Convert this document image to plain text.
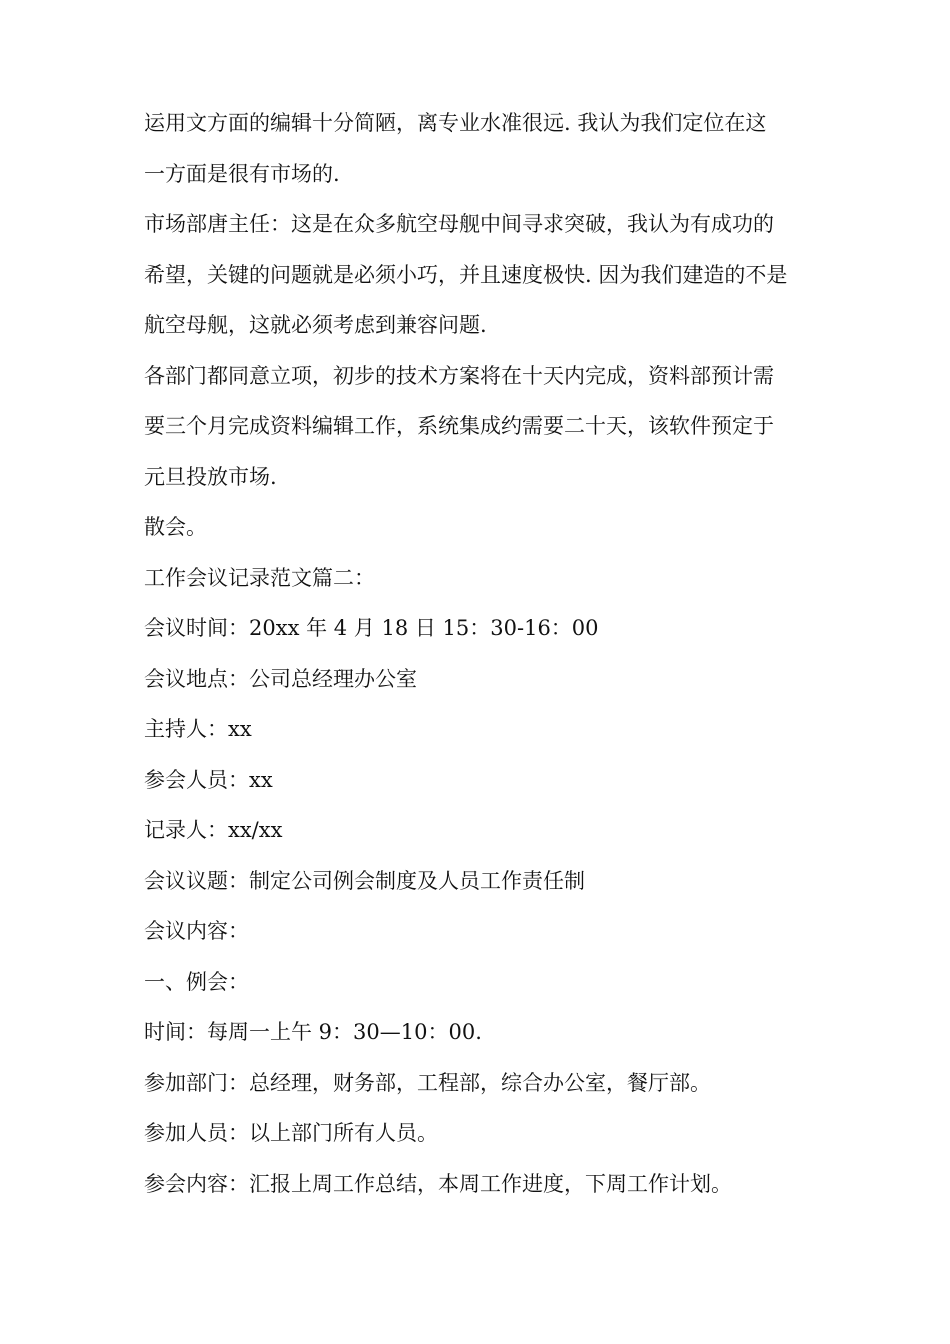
运用文方面的编辑十分简陋，离专业水准很远. 我认为我们定位在这
一方面是很有市场的.
市场部唐主任：这是在众多航空母舰中间寻求突破，我认为有成功的
希望，关键的问题就是必须小巧，并且速度极快. 因为我们建造的不是
航空母舰，这就必须考虑到兼容问题.
各部门都同意立项，初步的技术方案将在十天内完成，资料部预计需
要三个月完成资料编辑工作，系统集成约需要二十天，该软件预定于
元旦投放市场.
散会。
工作会议记录范文篇二：
会议时间：20xx 年 4 月 18 日 15：30-16：00
会议地点：公司总经理办公室
主持人：xx
参会人员：xx
记录人：xx/xx
会议议题：制定公司例会制度及人员工作责任制
会议内容：
一、例会：
时间：每周一上午 9：30—10：00.
参加部门：总经理，财务部，工程部，综合办公室，餐厅部。
参加人员：以上部门所有人员。
参会内容：汇报上周工作总结，本周工作进度，下周工作计划。
